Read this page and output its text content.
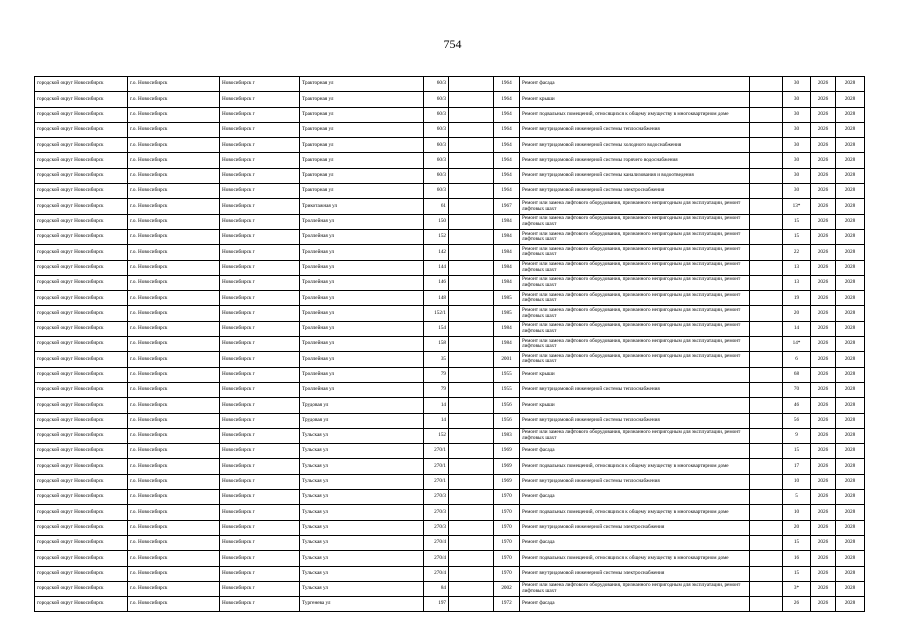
754
городской округ Новосибирск	г.о. Новосибирск	Новосибирск г	Тракторная ул	60/3		1964	Ремонт фасада		30	2026	2028
городской округ Новосибирск	г.о. Новосибирск	Новосибирск г	Тракторная ул	60/3		1964	Ремонт крыши		30	2026	2028
городской округ Новосибирск	г.о. Новосибирск	Новосибирск г	Тракторная ул	60/3		1964	Ремонт подвальных помещений, относящихся к общему имуществу в многоквартирном доме		30	2026	2028
городской округ Новосибирск	г.о. Новосибирск	Новосибирск г	Тракторная ул	60/3		1964	Ремонт внутридомовой инженерной системы теплоснабжения		30	2026	2028
городской округ Новосибирск	г.о. Новосибирск	Новосибирск г	Тракторная ул	60/3		1964	Ремонт внутридомовой инженерной системы холодного водоснабжения		30	2026	2028
городской округ Новосибирск	г.о. Новосибирск	Новосибирск г	Тракторная ул	60/3		1964	Ремонт внутридомовой инженерной системы горячего водоснабжения		30	2026	2028
городской округ Новосибирск	г.о. Новосибирск	Новосибирск г	Тракторная ул	60/3		1964	Ремонт внутридомовой инженерной системы канализования и водоотведения		30	2026	2028
городской округ Новосибирск	г.о. Новосибирск	Новосибирск г	Тракторная ул	60/3		1964	Ремонт внутридомовой инженерной системы электроснабжения		30	2026	2028
городской округ Новосибирск	г.о. Новосибирск	Новосибирск г	Трикотажная ул	61		1967	Ремонт или замена лифтового оборудования, признанного непригодным для эксплуатации, ремонт лифтовых шахт		13*	2026	2028
городской округ Новосибирск	г.о. Новосибирск	Новосибирск г	Троллейная ул	150		1984	Ремонт или замена лифтового оборудования, признанного непригодным для эксплуатации, ремонт лифтовых шахт		15	2026	2028
городской округ Новосибирск	г.о. Новосибирск	Новосибирск г	Троллейная ул	152		1984	Ремонт или замена лифтового оборудования, признанного непригодным для эксплуатации, ремонт лифтовых шахт		15	2026	2028
городской округ Новосибирск	г.о. Новосибирск	Новосибирск г	Троллейная ул	142		1984	Ремонт или замена лифтового оборудования, признанного непригодным для эксплуатации, ремонт лифтовых шахт		22	2026	2028
городской округ Новосибирск	г.о. Новосибирск	Новосибирск г	Троллейная ул	144		1984	Ремонт или замена лифтового оборудования, признанного непригодным для эксплуатации, ремонт лифтовых шахт		13	2026	2028
городской округ Новосибирск	г.о. Новосибирск	Новосибирск г	Троллейная ул	146		1984	Ремонт или замена лифтового оборудования, признанного непригодным для эксплуатации, ремонт лифтовых шахт		13	2026	2028
городской округ Новосибирск	г.о. Новосибирск	Новосибирск г	Троллейная ул	148		1985	Ремонт или замена лифтового оборудования, признанного непригодным для эксплуатации, ремонт лифтовых шахт		19	2026	2028
городской округ Новосибирск	г.о. Новосибирск	Новосибирск г	Троллейная ул	152/1		1985	Ремонт или замена лифтового оборудования, признанного непригодным для эксплуатации, ремонт лифтовых шахт		20	2026	2028
городской округ Новосибирск	г.о. Новосибирск	Новосибирск г	Троллейная ул	154		1984	Ремонт или замена лифтового оборудования, признанного непригодным для эксплуатации, ремонт лифтовых шахт		14	2026	2028
городской округ Новосибирск	г.о. Новосибирск	Новосибирск г	Троллейная ул	158		1984	Ремонт или замена лифтового оборудования, признанного непригодным для эксплуатации, ремонт лифтовых шахт		14*	2026	2028
городской округ Новосибирск	г.о. Новосибирск	Новосибирск г	Троллейная ул	35		2001	Ремонт или замена лифтового оборудования, признанного непригодным для эксплуатации, ремонт лифтовых шахт		6	2026	2028
городской округ Новосибирск	г.о. Новосибирск	Новосибирск г	Троллейная ул	79		1955	Ремонт крыши		68	2026	2028
городской округ Новосибирск	г.о. Новосибирск	Новосибирск г	Троллейная ул	79		1955	Ремонт внутридомовой инженерной системы теплоснабжения		70	2026	2028
городской округ Новосибирск	г.о. Новосибирск	Новосибирск г	Трудовая ул	14		1956	Ремонт крыши		46	2026	2028
городской округ Новосибирск	г.о. Новосибирск	Новосибирск г	Трудовая ул	14		1956	Ремонт внутридомовой инженерной системы теплоснабжения		56	2026	2028
городской округ Новосибирск	г.о. Новосибирск	Новосибирск г	Тульская ул	152		1983	Ремонт или замена лифтового оборудования, признанного непригодным для эксплуатации, ремонт лифтовых шахт		9	2026	2028
городской округ Новосибирск	г.о. Новосибирск	Новосибирск г	Тульская ул	270/1		1969	Ремонт фасада		15	2026	2028
городской округ Новосибирск	г.о. Новосибирск	Новосибирск г	Тульская ул	270/1		1969	Ремонт подвальных помещений, относящихся к общему имуществу в многоквартирном доме		17	2026	2028
городской округ Новосибирск	г.о. Новосибирск	Новосибирск г	Тульская ул	270/1		1969	Ремонт внутридомовой инженерной системы теплоснабжения		10	2026	2028
городской округ Новосибирск	г.о. Новосибирск	Новосибирск г	Тульская ул	270/3		1970	Ремонт фасада		5	2026	2028
городской округ Новосибирск	г.о. Новосибирск	Новосибирск г	Тульская ул	270/3		1970	Ремонт подвальных помещений, относящихся к общему имуществу в многоквартирном доме		10	2026	2028
городской округ Новосибирск	г.о. Новосибирск	Новосибирск г	Тульская ул	270/3		1970	Ремонт внутридомовой инженерной системы электроснабжения		20	2026	2028
городской округ Новосибирск	г.о. Новосибирск	Новосибирск г	Тульская ул	270/4		1970	Ремонт фасада		15	2026	2028
городской округ Новосибирск	г.о. Новосибирск	Новосибирск г	Тульская ул	270/4		1970	Ремонт подвальных помещений, относящихся к общему имуществу в многоквартирном доме		16	2026	2028
городской округ Новосибирск	г.о. Новосибирск	Новосибирск г	Тульская ул	270/4		1970	Ремонт внутридомовой инженерной системы электроснабжения		15	2026	2028
городской округ Новосибирск	г.о. Новосибирск	Новосибирск г	Тульская ул	84		2002	Ремонт или замена лифтового оборудования, признанного непригодным для эксплуатации, ремонт лифтовых шахт		3*	2026	2028
городской округ Новосибирск	г.о. Новосибирск	Новосибирск г	Тургенева ул	197		1972	Ремонт фасада		26	2026	2028
